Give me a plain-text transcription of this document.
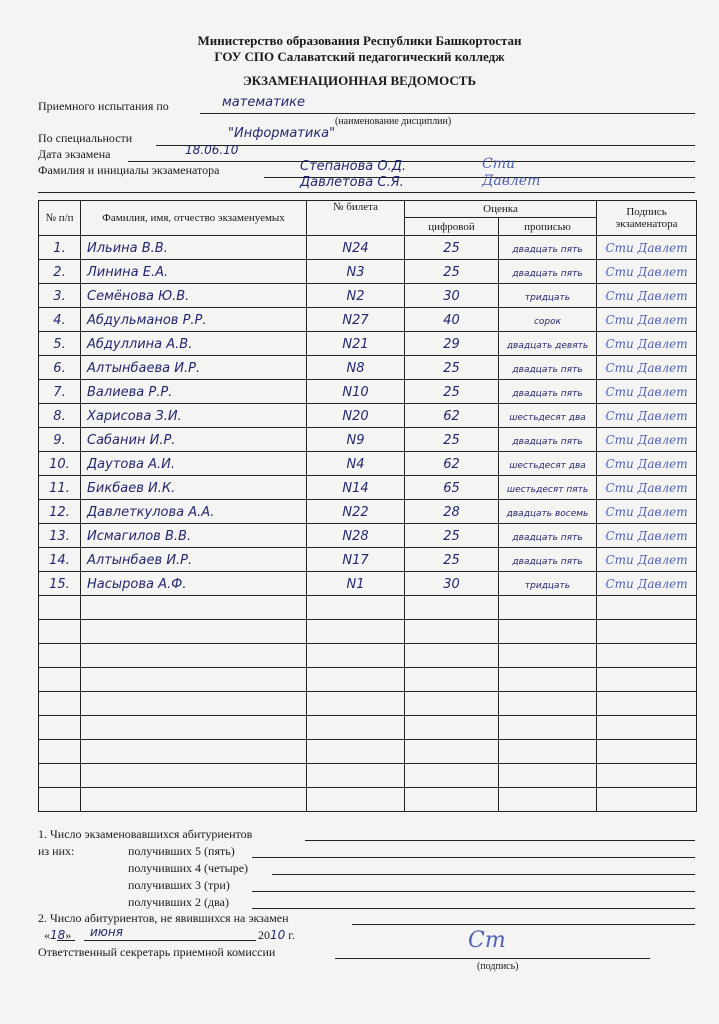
Министерство образования Республики Башкортостан
ГОУ СПО Салаватский педагогический колледж
ЭКЗАМЕНАЦИОННАЯ ВЕДОМОСТЬ
Приемного испытания по	математике
(наименование дисциплин)
По специальности	"Информатика"
Дата экзамена	18.06.10
Фамилия и инициалы экзаменатора	Степанова О.Д.	Сти
Давлетова С.Я.	Давлет
№ п/п	Фамилия, имя, отчество экзаменуемых	№ билета	Оценка		Подпись экзаменатора
			цифровой	прописью	
1.	Ильина В.В.	N24	25	двадцать пять	Сти Давлет
2.	Линина Е.А.	N3	25	двадцать пять	Сти Давлет
3.	Семёнова Ю.В.	N2	30	тридцать	Сти Давлет
4.	Абдульманов Р.Р.	N27	40	сорок	Сти Давлет
5.	Абдуллина А.В.	N21	29	двадцать девять	Сти Давлет
6.	Алтынбаева И.Р.	N8	25	двадцать пять	Сти Давлет
7.	Валиева Р.Р.	N10	25	двадцать пять	Сти Давлет
8.	Харисова З.И.	N20	62	шестьдесят два	Сти Давлет
9.	Сабанин И.Р.	N9	25	двадцать пять	Сти Давлет
10.	Даутова А.И.	N4	62	шестьдесят два	Сти Давлет
11.	Бикбаев И.К.	N14	65	шестьдесят пять	Сти Давлет
12.	Давлеткулова А.А.	N22	28	двадцать восемь	Сти Давлет
13.	Исмагилов В.В.	N28	25	двадцать пять	Сти Давлет
14.	Алтынбаев И.Р.	N17	25	двадцать пять	Сти Давлет
15.	Насырова А.Ф.	N1	30	тридцать	Сти Давлет

1. Число экзаменовавшихся абитуриентов
из них:	получивших 5 (пять)
получивших 4 (четыре)
получивших 3 (три)
получивших 2 (два)
2. Число абитуриентов, не явившихся на экзамен
«18» июня	2010 г.
Ответственный секретарь приемной комиссии	Ст
(подпись)
